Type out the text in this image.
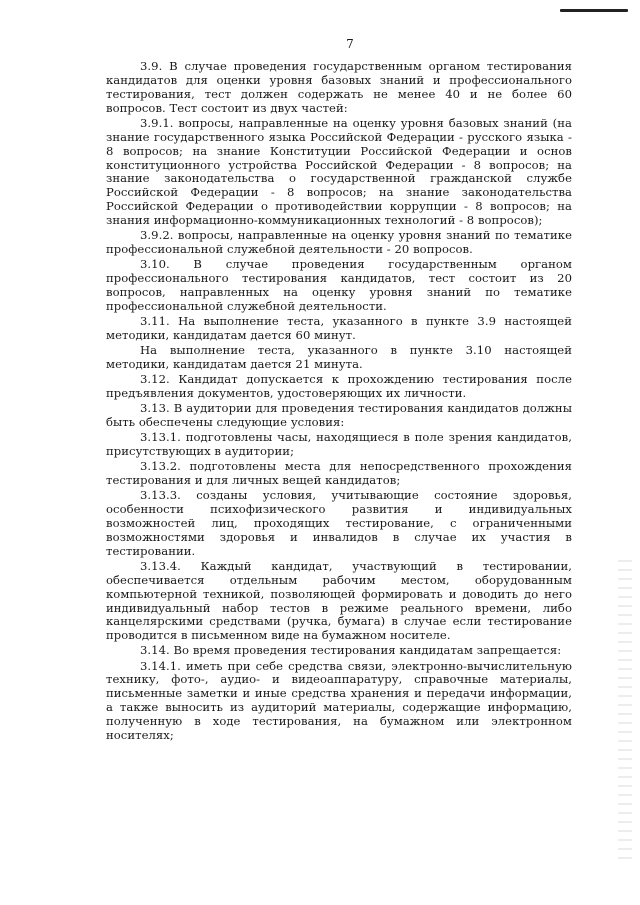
7

3.9. В случае проведения государственным органом тестирования кандидатов для оценки уровня базовых знаний и профессионального тестирования, тест должен содержать не менее 40 и не более 60 вопросов. Тест состоит из двух частей:

3.9.1. вопросы, направленные на оценку уровня базовых знаний (на знание государственного языка Российской Федерации - русского языка - 8 вопросов; на знание Конституции Российской Федерации и основ конституционного устройства Российской Федерации - 8 вопросов; на знание законодательства о государственной гражданской службе Российской Федерации - 8 вопросов; на знание законодательства Российской Федерации о противодействии коррупции - 8 вопросов; на знания информационно-коммуникационных технологий - 8 вопросов);

3.9.2. вопросы, направленные на оценку уровня знаний по тематике профессиональной служебной деятельности - 20 вопросов.

3.10. В случае проведения государственным органом профессионального тестирования кандидатов, тест состоит из 20 вопросов, направленных на оценку уровня знаний по тематике профессиональной служебной деятельности.

3.11. На выполнение теста, указанного в пункте 3.9 настоящей методики, кандидатам дается 60 минут.

На выполнение теста, указанного в пункте 3.10 настоящей методики, кандидатам дается 21 минута.

3.12. Кандидат допускается к прохождению тестирования после предъявления документов, удостоверяющих их личности.

3.13. В аудитории для проведения тестирования кандидатов должны быть обеспечены следующие условия:

3.13.1. подготовлены часы, находящиеся в поле зрения кандидатов, присутствующих в аудитории;

3.13.2. подготовлены места для непосредственного прохождения тестирования и для личных вещей кандидатов;

3.13.3. созданы условия, учитывающие состояние здоровья, особенности психофизического развития и индивидуальных возможностей лиц, проходящих тестирование, с ограниченными возможностями здоровья и инвалидов в случае их участия в тестировании.

3.13.4. Каждый кандидат, участвующий в тестировании, обеспечивается отдельным рабочим местом, оборудованным компьютерной техникой, позволяющей формировать и доводить до него индивидуальный набор тестов в режиме реального времени, либо канцелярскими средствами (ручка, бумага) в случае если тестирование проводится в письменном виде на бумажном носителе.

3.14. Во время проведения тестирования кандидатам запрещается:

3.14.1. иметь при себе средства связи, электронно-вычислительную технику, фото-, аудио- и видеоаппаратуру, справочные материалы, письменные заметки и иные средства хранения и передачи информации, а также выносить из аудиторий материалы, содержащие информацию, полученную в ходе тестирования, на бумажном или электронном носителях;
